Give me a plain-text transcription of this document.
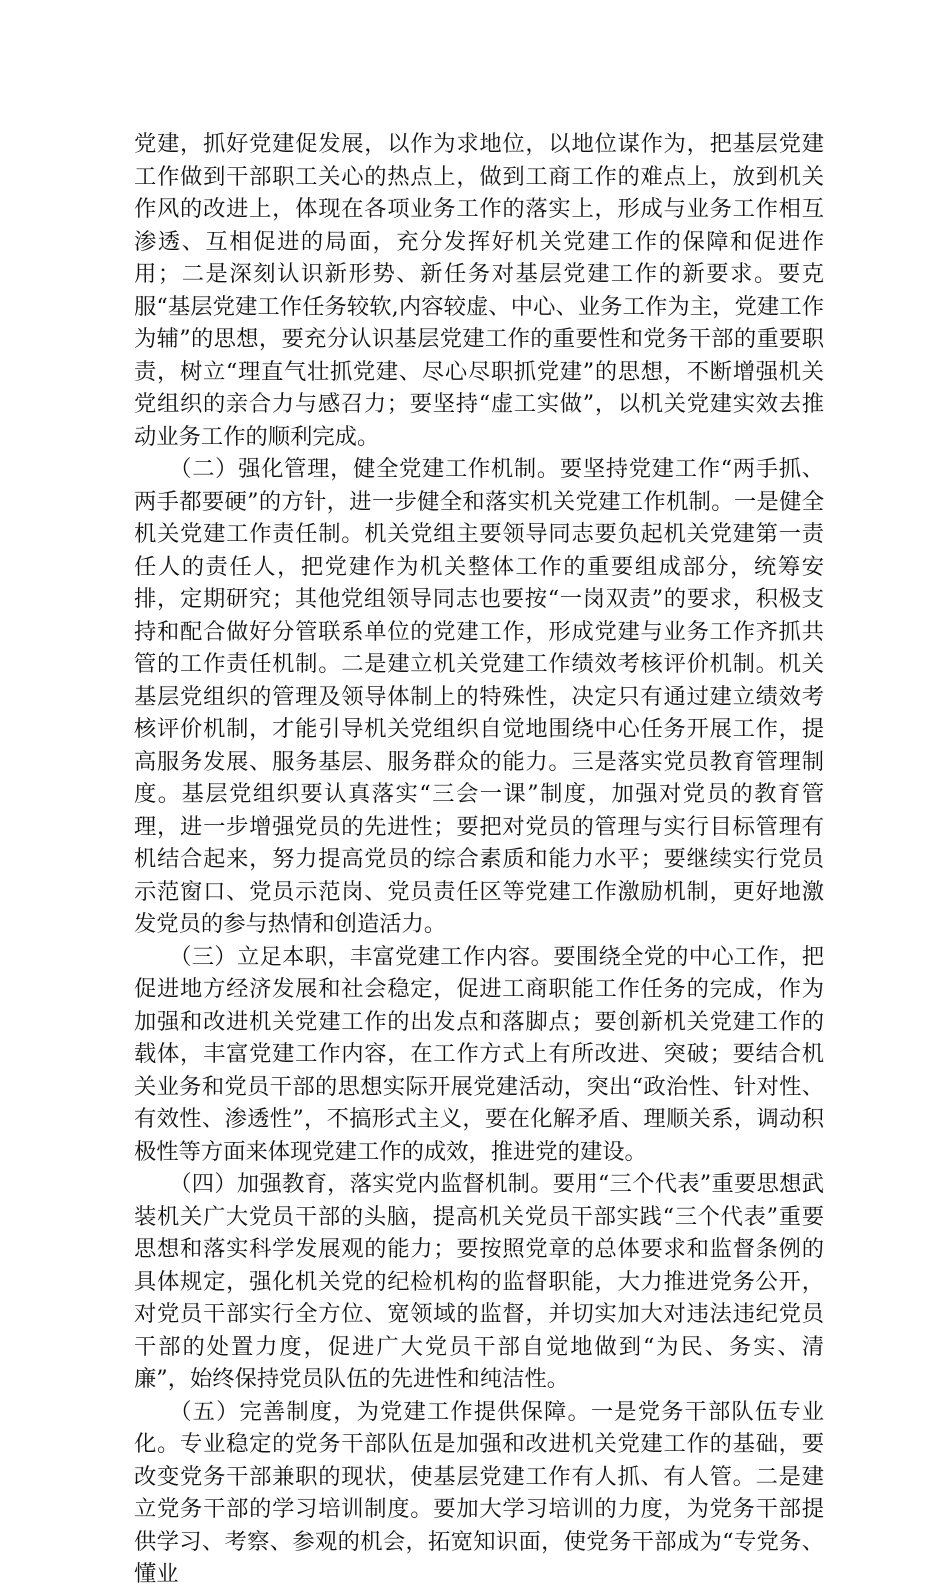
党建，抓好党建促发展，以作为求地位，以地位谋作为，把基层党建工作做到干部职工关心的热点上，做到工商工作的难点上，放到机关作风的改进上，体现在各项业务工作的落实上，形成与业务工作相互渗透、互相促进的局面，充分发挥好机关党建工作的保障和促进作用；二是深刻认识新形势、新任务对基层党建工作的新要求。要克服“基层党建工作任务较软,内容较虚、中心、业务工作为主，党建工作为辅”的思想，要充分认识基层党建工作的重要性和党务干部的重要职责，树立“理直气壮抓党建、尽心尽职抓党建”的思想，不断增强机关党组织的亲合力与感召力；要坚持“虚工实做”，以机关党建实效去推动业务工作的顺利完成。

（二）强化管理，健全党建工作机制。要坚持党建工作“两手抓、两手都要硬”的方针，进一步健全和落实机关党建工作机制。一是健全机关党建工作责任制。机关党组主要领导同志要负起机关党建第一责任人的责任人，把党建作为机关整体工作的重要组成部分，统筹安排，定期研究；其他党组领导同志也要按“一岗双责”的要求，积极支持和配合做好分管联系单位的党建工作，形成党建与业务工作齐抓共管的工作责任机制。二是建立机关党建工作绩效考核评价机制。机关基层党组织的管理及领导体制上的特殊性，决定只有通过建立绩效考核评价机制，才能引导机关党组织自觉地围绕中心任务开展工作，提高服务发展、服务基层、服务群众的能力。三是落实党员教育管理制度。基层党组织要认真落实“三会一课”制度，加强对党员的教育管理，进一步增强党员的先进性；要把对党员的管理与实行目标管理有机结合起来，努力提高党员的综合素质和能力水平；要继续实行党员示范窗口、党员示范岗、党员责任区等党建工作激励机制，更好地激发党员的参与热情和创造活力。

（三）立足本职，丰富党建工作内容。要围绕全党的中心工作，把促进地方经济发展和社会稳定，促进工商职能工作任务的完成，作为加强和改进机关党建工作的出发点和落脚点；要创新机关党建工作的载体，丰富党建工作内容，在工作方式上有所改进、突破；要结合机关业务和党员干部的思想实际开展党建活动，突出“政治性、针对性、有效性、渗透性”，不搞形式主义，要在化解矛盾、理顺关系，调动积极性等方面来体现党建工作的成效，推进党的建设。

（四）加强教育，落实党内监督机制。要用“三个代表”重要思想武装机关广大党员干部的头脑，提高机关党员干部实践“三个代表”重要思想和落实科学发展观的能力；要按照党章的总体要求和监督条例的具体规定，强化机关党的纪检机构的监督职能，大力推进党务公开，对党员干部实行全方位、宽领域的监督，并切实加大对违法违纪党员干部的处置力度，促进广大党员干部自觉地做到“为民、务实、清廉”，始终保持党员队伍的先进性和纯洁性。

（五）完善制度，为党建工作提供保障。一是党务干部队伍专业化。专业稳定的党务干部队伍是加强和改进机关党建工作的基础，要改变党务干部兼职的现状，使基层党建工作有人抓、有人管。二是建立党务干部的学习培训制度。要加大学习培训的力度，为党务干部提供学习、考察、参观的机会，拓宽知识面，使党务干部成为“专党务、懂业
